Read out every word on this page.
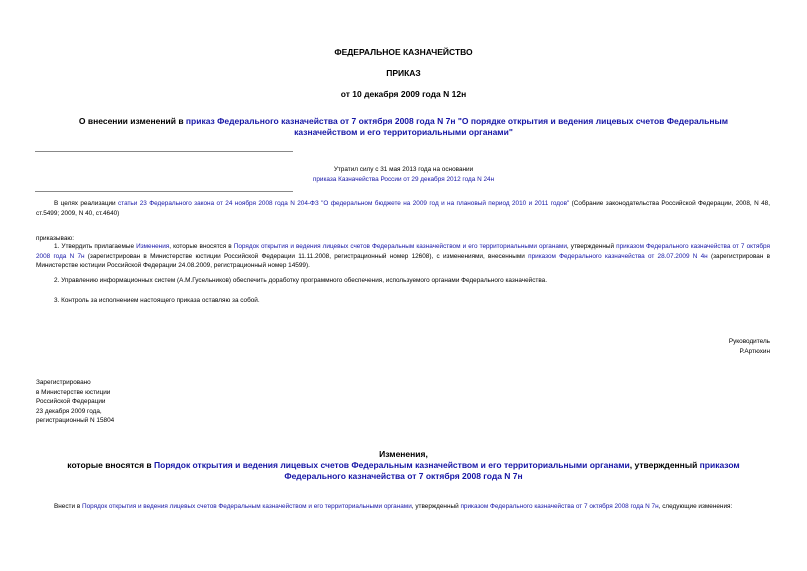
ФЕДЕРАЛЬНОЕ КАЗНАЧЕЙСТВО
ПРИКАЗ
от 10 декабря 2009 года N 12н
О внесении изменений в приказ Федерального казначейства от 7 октября 2008 года N 7н "О порядке открытия и ведения лицевых счетов Федеральным казначейством и его территориальными органами"
Утратил силу с 31 мая 2013 года на основании
приказа Казначейства России от 29 декабря 2012 года N 24н
В целях реализации статьи 23 Федерального закона от 24 ноября 2008 года N 204-ФЗ "О федеральном бюджете на 2009 год и на плановый период 2010 и 2011 годов" (Собрание законодательства Российской Федерации, 2008, N 48, ст.5499; 2009, N 40, ст.4640)
приказываю:
1. Утвердить прилагаемые Изменения, которые вносятся в Порядок открытия и ведения лицевых счетов Федеральным казначейством и его территориальными органами, утвержденный приказом Федерального казначейства от 7 октября 2008 года N 7н (зарегистрирован в Министерстве юстиции Российской Федерации 11.11.2008, регистрационный номер 12608), с изменениями, внесенными приказом Федерального казначейства от 28.07.2009 N 4н (зарегистрирован в Министерстве юстиции Российской Федерации 24.08.2009, регистрационный номер 14599).
2. Управлению информационных систем (А.М.Гусельников) обеспечить доработку программного обеспечения, используемого органами Федерального казначейства.
3. Контроль за исполнением настоящего приказа оставляю за собой.
Руководитель
Р.Артюхин
Зарегистрировано
в Министерстве юстиции
Российской Федерации
23 декабря 2009 года,
регистрационный N 15804
Изменения,
которые вносятся в Порядок открытия и ведения лицевых счетов Федеральным казначейством и его территориальными органами, утвержденный приказом Федерального казначейства от 7 октября 2008 года N 7н
Внести в Порядок открытия и ведения лицевых счетов Федеральным казначейством и его территориальными органами, утвержденный приказом Федерального казначейства от 7 октября 2008 года N 7н, следующие изменения:
